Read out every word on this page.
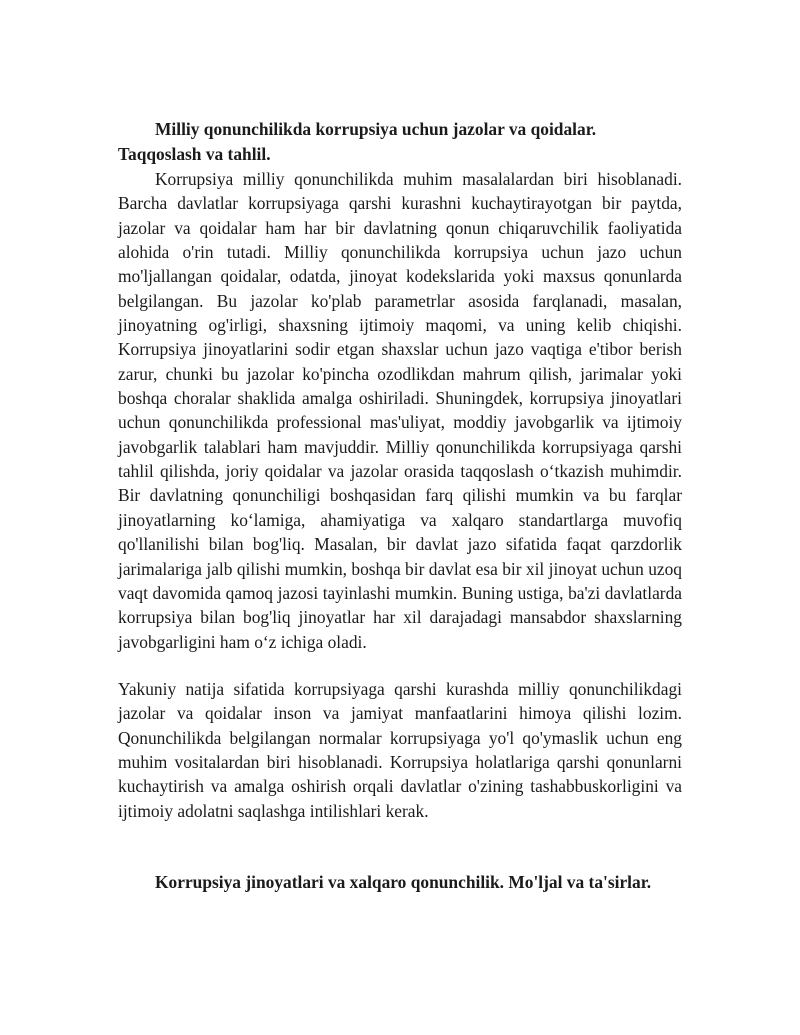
Milliy qonunchilikda korrupsiya uchun jazolar va qoidalar. Taqqoslash va tahlil.

Korrupsiya milliy qonunchilikda muhim masalalardan biri hisoblanadi. Barcha davlatlar korrupsiyaga qarshi kurashni kuchaytirayotgan bir paytda, jazolar va qoidalar ham har bir davlatning qonun chiqaruvchilik faoliyatida alohida o'rin tutadi. Milliy qonunchilikda korrupsiya uchun jazo uchun mo'ljallangan qoidalar, odatda, jinoyat kodekslarida yoki maxsus qonunlarda belgilangan. Bu jazolar ko'plab parametrlar asosida farqlanadi, masalan, jinoyatning og'irligi, shaxsning ijtimoiy maqomi, va uning kelib chiqishi. Korrupsiya jinoyatlarini sodir etgan shaxslar uchun jazo vaqtiga e'tibor berish zarur, chunki bu jazolar ko'pincha ozodlikdan mahrum qilish, jarimalar yoki boshqa choralar shaklida amalga oshiriladi. Shuningdek, korrupsiya jinoyatlari uchun qonunchilikda professional mas'uliyat, moddiy javobgarlik va ijtimoiy javobgarlik talablari ham mavjuddir. Milliy qonunchilikda korrupsiyaga qarshi tahlil qilishda, joriy qoidalar va jazolar orasida taqqoslash o‘tkazish muhimdir. Bir davlatning qonunchiligi boshqasidan farq qilishi mumkin va bu farqlar jinoyatlarning ko‘lamiga, ahamiyatiga va xalqaro standartlarga muvofiq qo'llanilishi bilan bog'liq. Masalan, bir davlat jazo sifatida faqat qarzdorlik jarimalariga jalb qilishi mumkin, boshqa bir davlat esa bir xil jinoyat uchun uzoq vaqt davomida qamoq jazosi tayinlashi mumkin. Buning ustiga, ba'zi davlatlarda korrupsiya bilan bog'liq jinoyatlar har xil darajadagi mansabdor shaxslarning javobgarligini ham o‘z ichiga oladi.

Yakuniy natija sifatida korrupsiyaga qarshi kurashda milliy qonunchilikdagi jazolar va qoidalar inson va jamiyat manfaatlarini himoya qilishi lozim. Qonunchilikda belgilangan normalar korrupsiyaga yo'l qo'ymaslik uchun eng muhim vositalardan biri hisoblanadi. Korrupsiya holatlariga qarshi qonunlarni kuchaytirish va amalga oshirish orqali davlatlar o'zining tashabbuskorligini va ijtimoiy adolatni saqlashga intilishlari kerak.

Korrupsiya jinoyatlari va xalqaro qonunchilik. Mo'ljal va ta'sirlar.
